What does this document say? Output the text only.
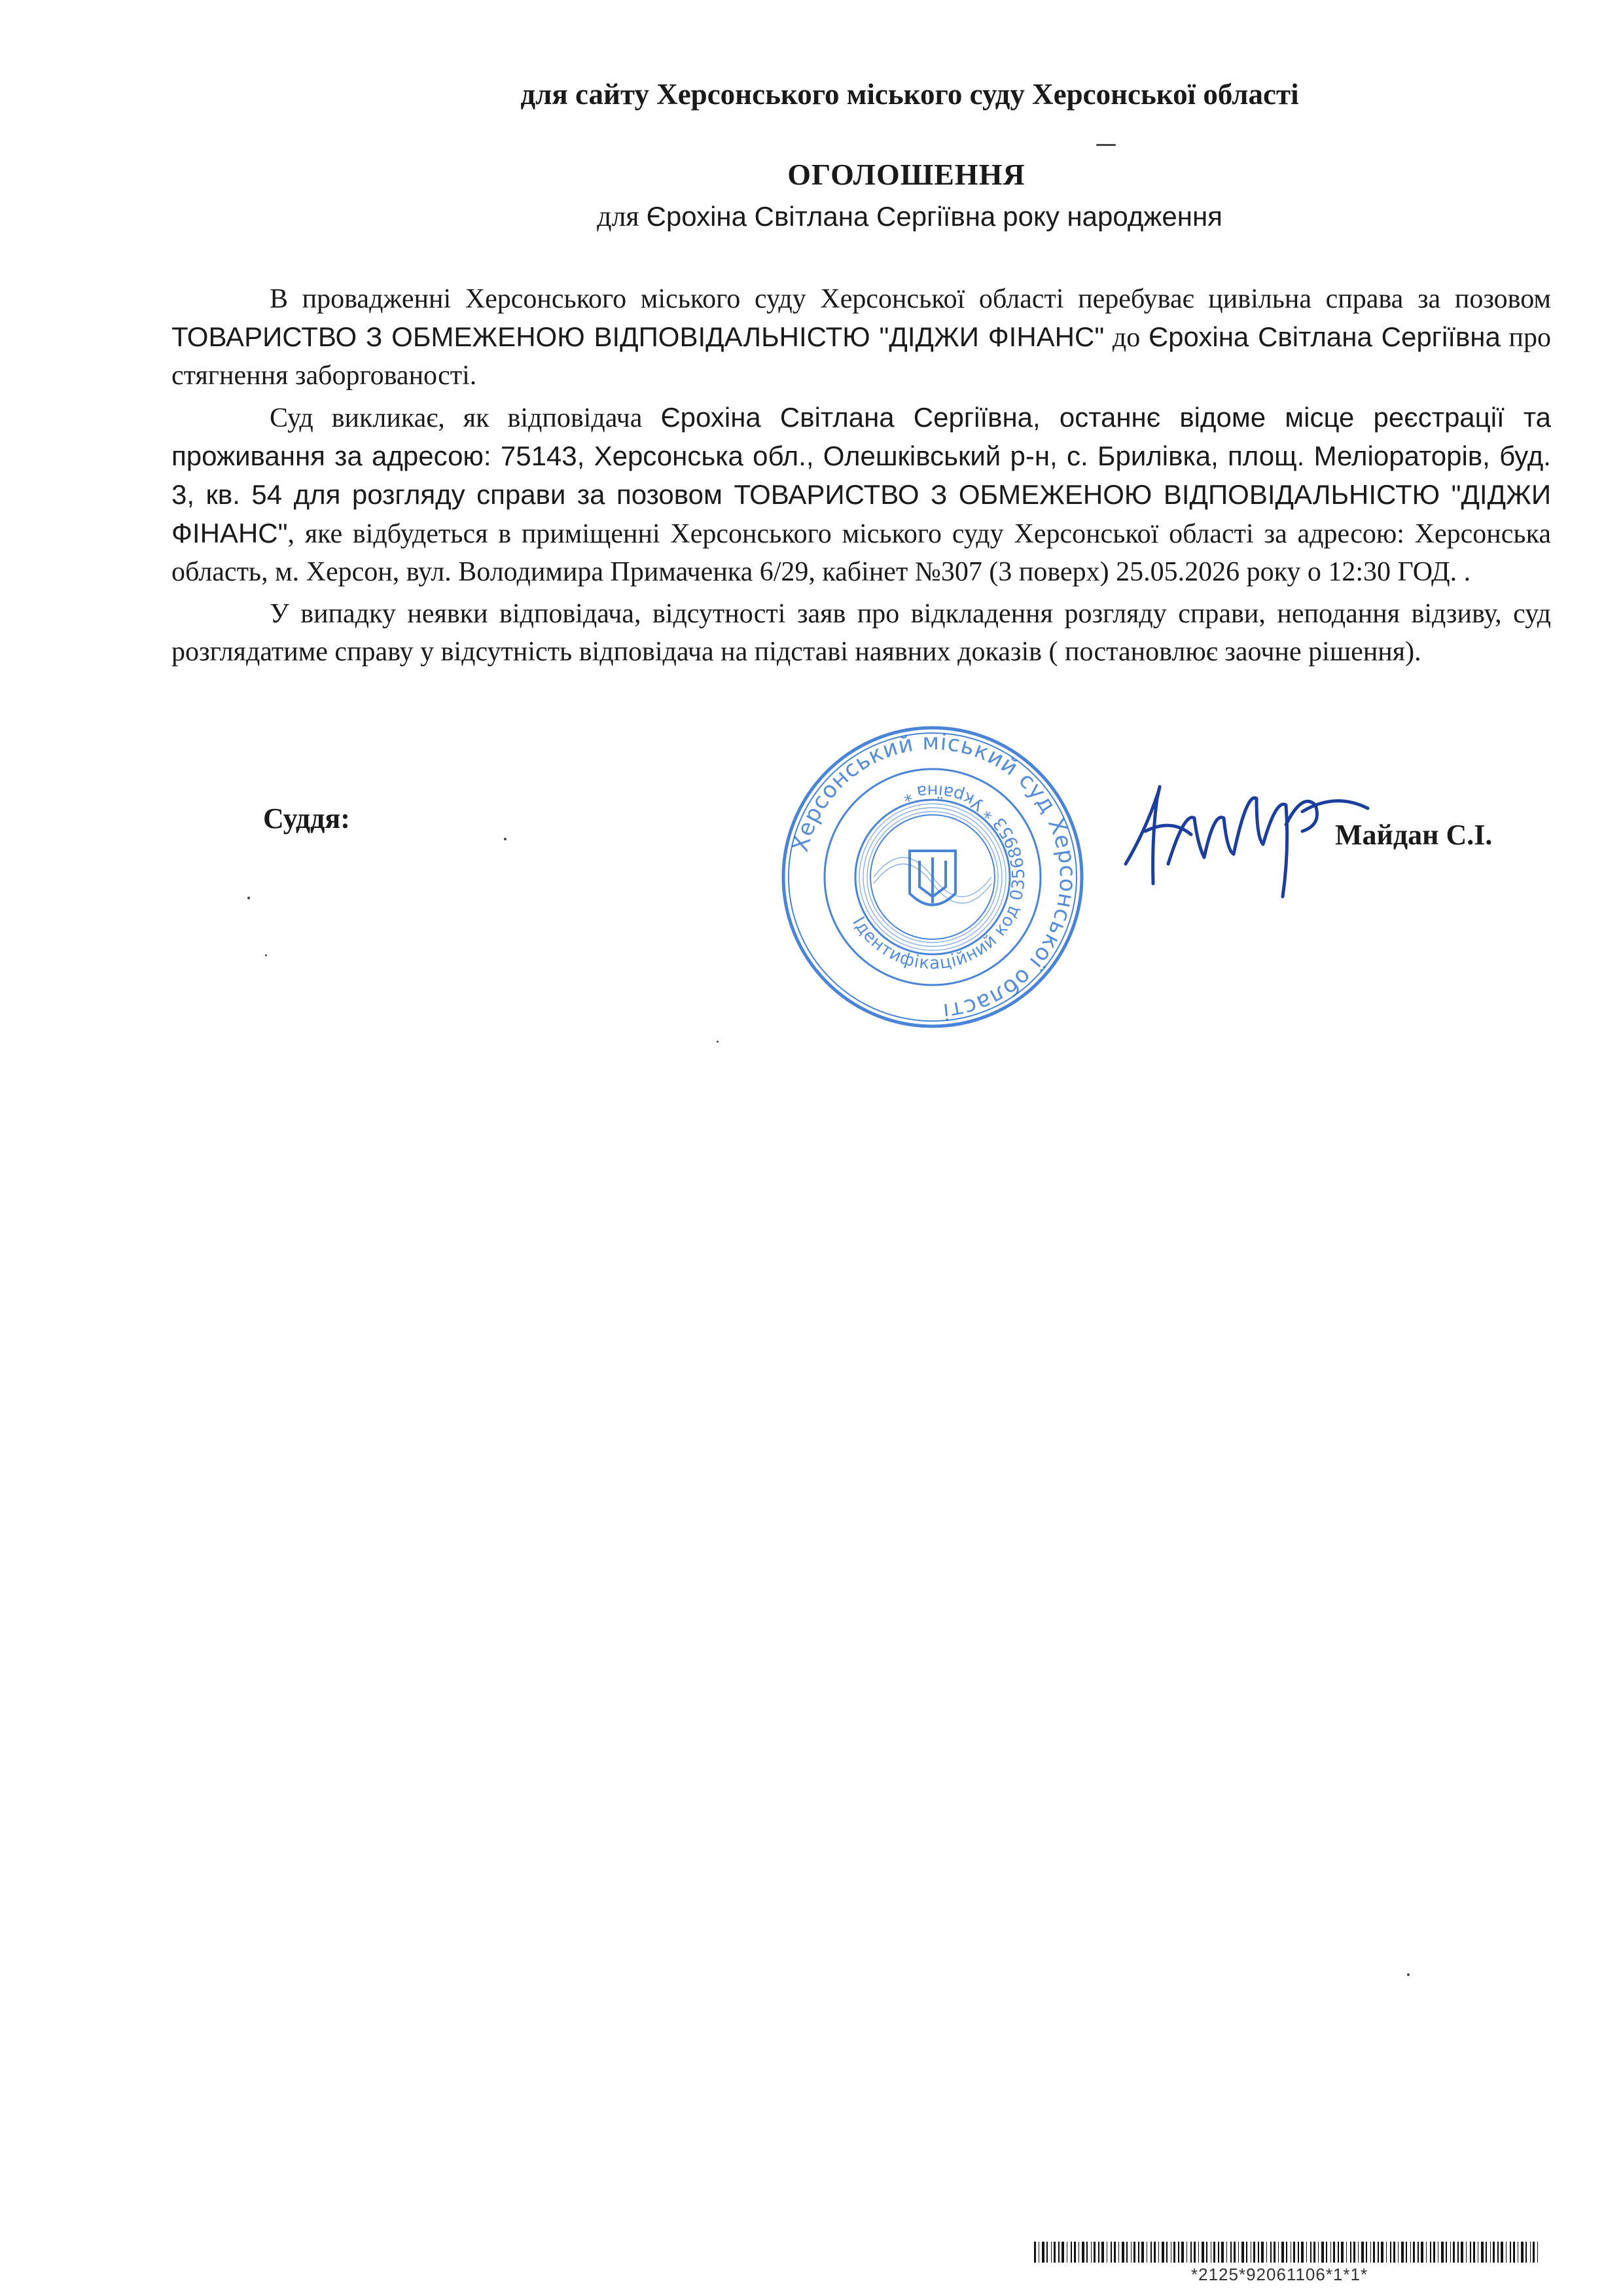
для сайту Херсонського міського суду Херсонської області
ОГОЛОШЕННЯ
для Єрохіна Світлана Сергіївна року народження

В провадженні Херсонського міського суду Херсонської області перебуває цивільна справа за позовом ТОВАРИСТВО З ОБМЕЖЕНОЮ ВІДПОВІДАЛЬНІСТЮ "ДІДЖИ ФІНАНС" до Єрохіна Світлана Сергіївна про стягнення заборгованості.

Суд викликає, як відповідача Єрохіна Світлана Сергіївна, останнє відоме місце реєстрації та проживання за адресою: 75143, Херсонська обл., Олешківський р-н, с. Брилівка, площ. Меліораторів, буд. 3, кв. 54 для розгляду справи за позовом ТОВАРИСТВО З ОБМЕЖЕНОЮ ВІДПОВІДАЛЬНІСТЮ "ДІДЖИ ФІНАНС", яке відбудеться в приміщенні Херсонського міського суду Херсонської області за адресою: Херсонська область, м. Херсон, вул. Володимира Примаченка 6/29, кабінет №307 (3 поверх) 25.05.2026 року о 12:30 ГОД. .

У випадку неявки відповідача, відсутності заяв про відкладення розгляду справи, неподання відзиву, суд розглядатиме справу у відсутність відповідача на підставі наявних доказів ( постановлює заочне рішення).

Суддя:
Майдан С.І.
Херсонський міський суд Херсонської області
Ідентифікаційний код 03568953 * Україна *
*2125*92061106*1*1*
